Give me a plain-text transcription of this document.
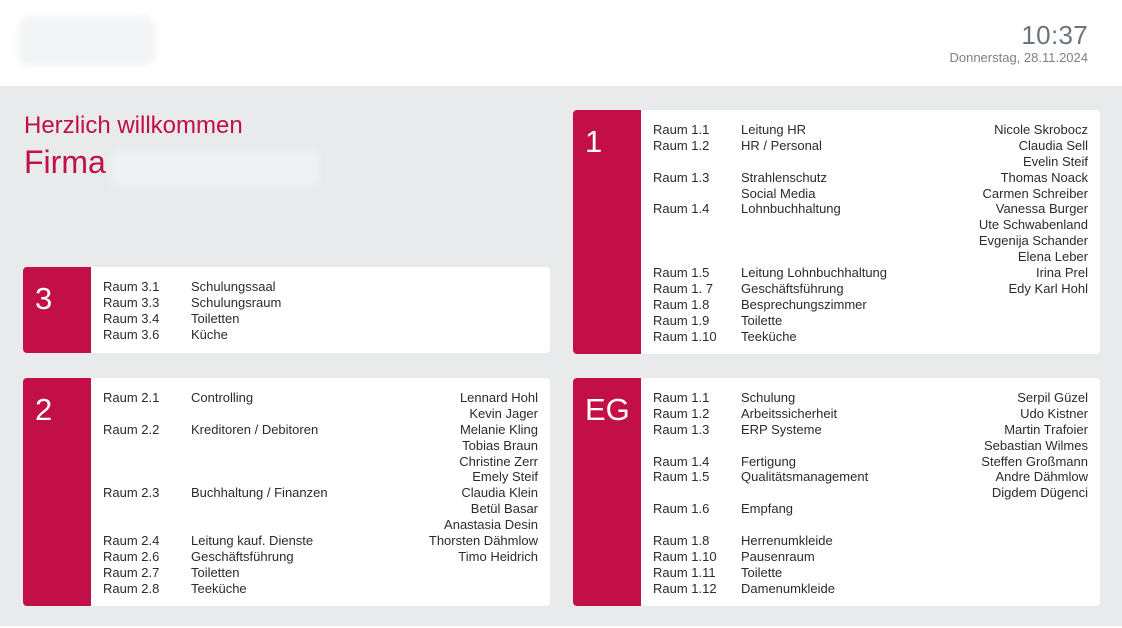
10:37
Donnerstag, 28.11.2024
Herzlich willkommen
Firma
1	Raum 1.1 Leitung HR	Nicole Skrobocz
Raum 1.2 HR / Personal	Claudia Sell
Evelin Steif
Raum 1.3 Strahlenschutz	Thomas Noack
Social Media	Carmen Schreiber
Raum 1.4 Lohnbuchhaltung	Vanessa Burger
Ute Schwabenland
Evgenija Schander
Elena Leber
Raum 1.5 Leitung Lohnbuchhaltung	Irina Prel
Raum 1. 7 Geschäftsführung	Edy Karl Hohl
Raum 1.8 Besprechungszimmer
Raum 1.9 Toilette
Raum 1.10 Teeküche
3	Raum 3.1 Schulungssaal
Raum 3.3 Schulungsraum
Raum 3.4 Toiletten
Raum 3.6 Küche
2	Raum 2.1 Controlling	Lennard Hohl
Kevin Jager
Raum 2.2 Kreditoren / Debitoren	Melanie Kling
Tobias Braun
Christine Zerr
Emely Steif
Raum 2.3 Buchhaltung / Finanzen	Claudia Klein
Betül Basar
Anastasia Desin
Raum 2.4 Leitung kauf. Dienste	Thorsten Dähmlow
Raum 2.6 Geschäftsführung	Timo Heidrich
Raum 2.7 Toiletten
Raum 2.8 Teeküche
EG	Raum 1.1 Schulung	Serpil Güzel
Raum 1.2 Arbeitssicherheit	Udo Kistner
Raum 1.3 ERP Systeme	Martin Trafoier
Sebastian Wilmes
Raum 1.4 Fertigung	Steffen Großmann
Raum 1.5 Qualitätsmanagement	Andre Dähmlow
Digdem Dügenci
Raum 1.6 Empfang
Raum 1.8 Herrenumkleide
Raum 1.10 Pausenraum
Raum 1.11 Toilette
Raum 1.12 Damenumkleide
